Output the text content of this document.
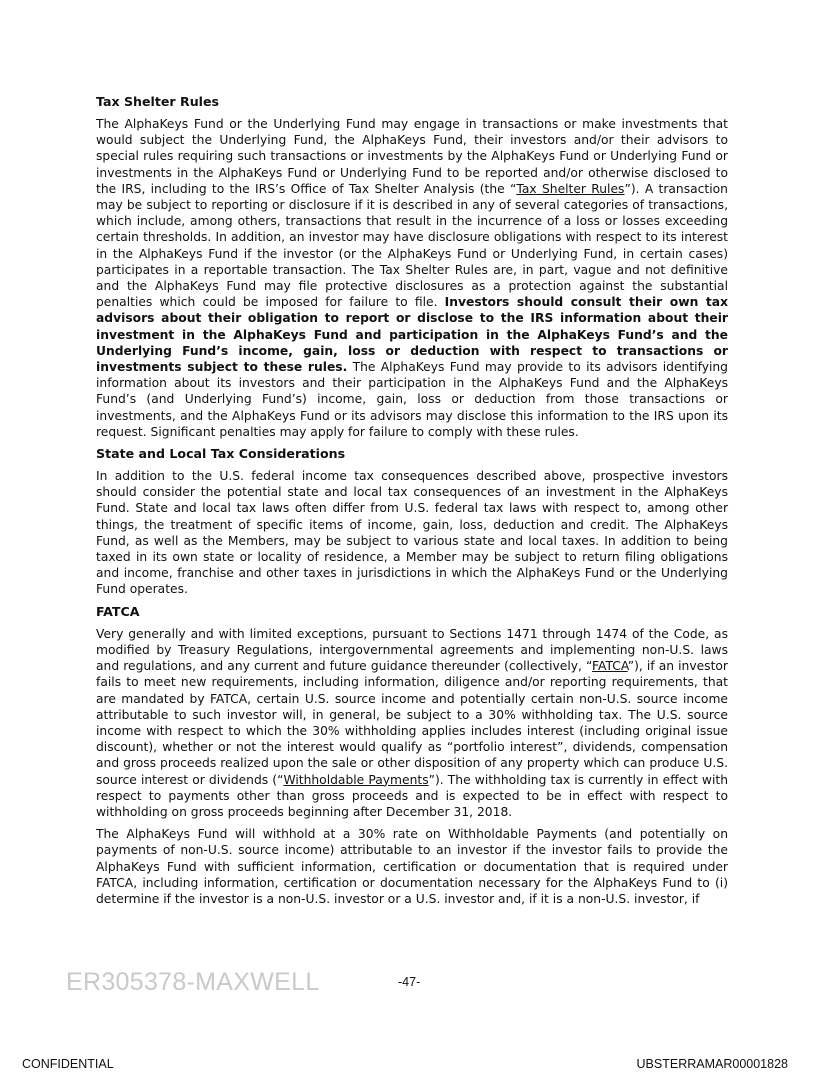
Tax Shelter Rules

The AlphaKeys Fund or the Underlying Fund may engage in transactions or make investments that would subject the Underlying Fund, the AlphaKeys Fund, their investors and/or their advisors to special rules requiring such transactions or investments by the AlphaKeys Fund or Underlying Fund or investments in the AlphaKeys Fund or Underlying Fund to be reported and/or otherwise disclosed to the IRS, including to the IRS’s Office of Tax Shelter Analysis (the “Tax Shelter Rules”). A transaction may be subject to reporting or disclosure if it is described in any of several categories of transactions, which include, among others, transactions that result in the incurrence of a loss or losses exceeding certain thresholds. In addition, an investor may have disclosure obligations with respect to its interest in the AlphaKeys Fund if the investor (or the AlphaKeys Fund or Underlying Fund, in certain cases) participates in a reportable transaction. The Tax Shelter Rules are, in part, vague and not definitive and the AlphaKeys Fund may file protective disclosures as a protection against the substantial penalties which could be imposed for failure to file. Investors should consult their own tax advisors about their obligation to report or disclose to the IRS information about their investment in the AlphaKeys Fund and participation in the AlphaKeys Fund’s and the Underlying Fund’s income, gain, loss or deduction with respect to transactions or investments subject to these rules. The AlphaKeys Fund may provide to its advisors identifying information about its investors and their participation in the AlphaKeys Fund and the AlphaKeys Fund’s (and Underlying Fund’s) income, gain, loss or deduction from those transactions or investments, and the AlphaKeys Fund or its advisors may disclose this information to the IRS upon its request. Significant penalties may apply for failure to comply with these rules.

State and Local Tax Considerations

In addition to the U.S. federal income tax consequences described above, prospective investors should consider the potential state and local tax consequences of an investment in the AlphaKeys Fund. State and local tax laws often differ from U.S. federal tax laws with respect to, among other things, the treatment of specific items of income, gain, loss, deduction and credit. The AlphaKeys Fund, as well as the Members, may be subject to various state and local taxes. In addition to being taxed in its own state or locality of residence, a Member may be subject to return filing obligations and income, franchise and other taxes in jurisdictions in which the AlphaKeys Fund or the Underlying Fund operates.

FATCA

Very generally and with limited exceptions, pursuant to Sections 1471 through 1474 of the Code, as modified by Treasury Regulations, intergovernmental agreements and implementing non-U.S. laws and regulations, and any current and future guidance thereunder (collectively, “FATCA”), if an investor fails to meet new requirements, including information, diligence and/or reporting requirements, that are mandated by FATCA, certain U.S. source income and potentially certain non-U.S. source income attributable to such investor will, in general, be subject to a 30% withholding tax. The U.S. source income with respect to which the 30% withholding applies includes interest (including original issue discount), whether or not the interest would qualify as “portfolio interest”, dividends, compensation and gross proceeds realized upon the sale or other disposition of any property which can produce U.S. source interest or dividends (“Withholdable Payments”). The withholding tax is currently in effect with respect to payments other than gross proceeds and is expected to be in effect with respect to withholding on gross proceeds beginning after December 31, 2018.

The AlphaKeys Fund will withhold at a 30% rate on Withholdable Payments (and potentially on payments of non-U.S. source income) attributable to an investor if the investor fails to provide the AlphaKeys Fund with sufficient information, certification or documentation that is required under FATCA, including information, certification or documentation necessary for the AlphaKeys Fund to (i) determine if the investor is a non-U.S. investor or a U.S. investor and, if it is a non-U.S. investor, if

ER305378-MAXWELL	-47-
CONFIDENTIAL	UBSTERRAMAR00001828
